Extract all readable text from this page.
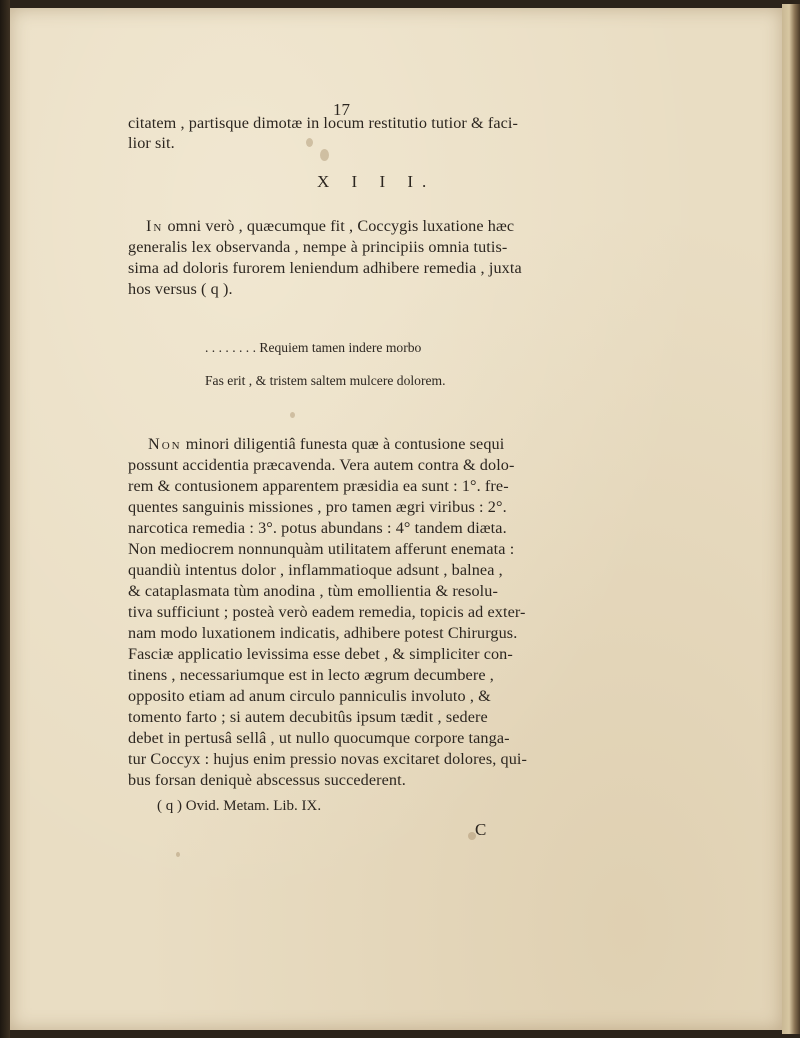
17
citatem , partisque dimotæ in locum restitutio tutior & faci-
lior sit.
X I I I.
In omni verò , quæcumque fit , Coccygis luxatione hæc
generalis lex observanda , nempe à principiis omnia tutis-
sima ad doloris furorem leniendum adhibere remedia , juxta
hos versus ( q ).
. . . . . . . . Requiem tamen indere morbo
Fas erit , & tristem saltem mulcere dolorem.
Non minori diligentiâ funesta quæ à contusione sequi
possunt accidentia præcavenda. Vera autem contra & dolo-
rem & contusionem apparentem præsidia ea sunt : 1°. fre-
quentes sanguinis missiones , pro tamen ægri viribus : 2°.
narcotica remedia : 3°. potus abundans : 4° tandem diæta.
Non mediocrem nonnunquàm utilitatem afferunt enemata :
quandiù intentus dolor , inflammatioque adsunt , balnea ,
& cataplasmata tùm anodina , tùm emollientia & resolu-
tiva sufficiunt ; posteà verò eadem remedia, topicis ad exter-
nam modo luxationem indicatis, adhibere potest Chirurgus.
Fasciæ applicatio levissima esse debet , & simpliciter con-
tinens , necessariumque est in lecto ægrum decumbere ,
opposito etiam ad anum circulo panniculis involuto , &
tomento farto ; si autem decubitûs ipsum tædit , sedere
debet in pertusâ sellâ , ut nullo quocumque corpore tanga-
tur Coccyx : hujus enim pressio novas excitaret dolores, qui-
bus forsan deniquè abscessus succederent.
( q ) Ovid. Metam. Lib. IX.
C
